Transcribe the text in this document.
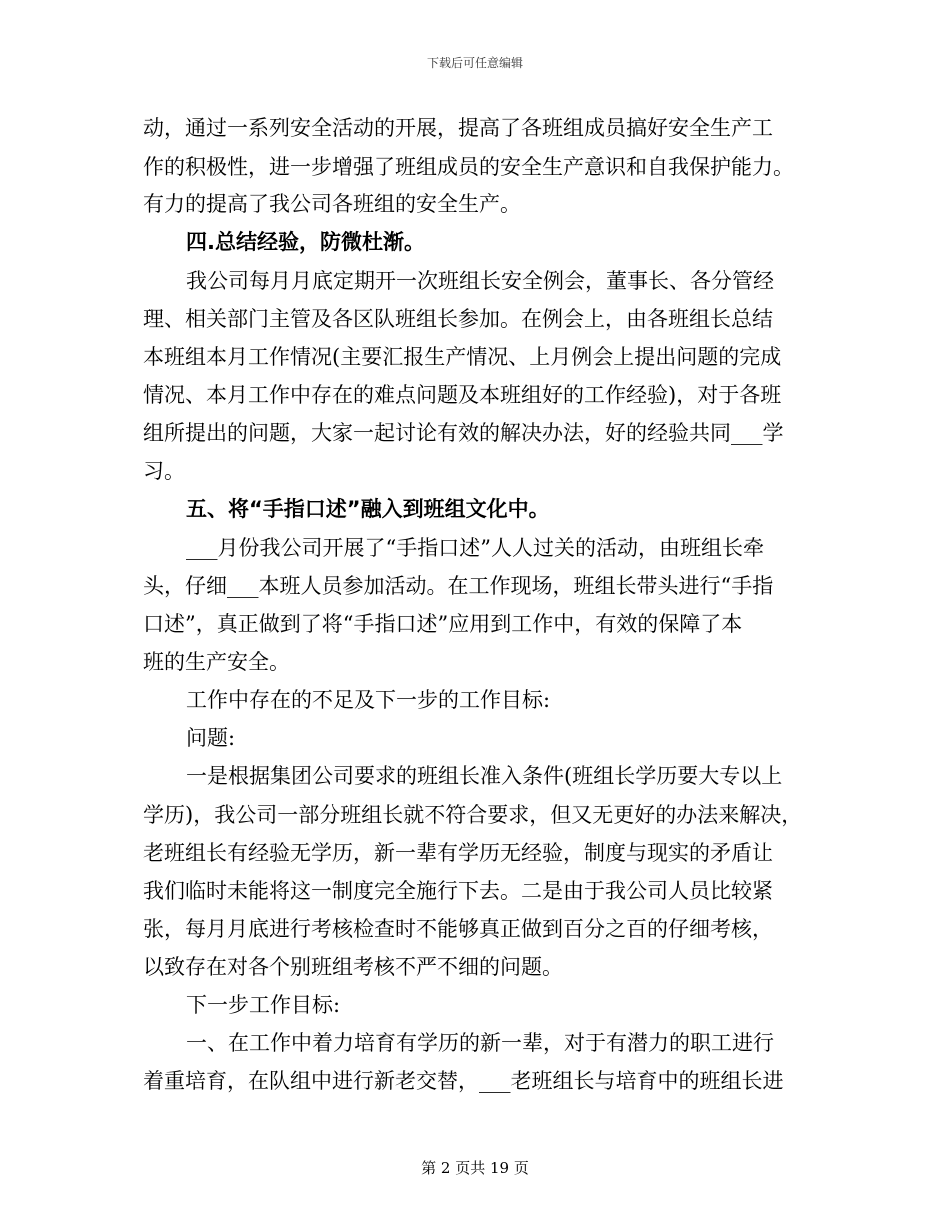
下载后可任意编辑
动，通过一系列安全活动的开展，提高了各班组成员搞好安全生产工
作的积极性，进一步增强了班组成员的安全生产意识和自我保护能力。
有力的提高了我公司各班组的安全生产。
四.总结经验，防微杜渐。
我公司每月月底定期开一次班组长安全例会，董事长、各分管经
理、相关部门主管及各区队班组长参加。在例会上，由各班组长总结
本班组本月工作情况(主要汇报生产情况、上月例会上提出问题的完成
情况、本月工作中存在的难点问题及本班组好的工作经验)，对于各班
组所提出的问题，大家一起讨论有效的解决办法，好的经验共同___学
习。
五、将“手指口述”融入到班组文化中。
___月份我公司开展了“手指口述”人人过关的活动，由班组长牵
头，仔细___本班人员参加活动。在工作现场，班组长带头进行“手指
口述”，真正做到了将“手指口述”应用到工作中，有效的保障了本
班的生产安全。
工作中存在的不足及下一步的工作目标:
问题:
一是根据集团公司要求的班组长准入条件(班组长学历要大专以上
学历)，我公司一部分班组长就不符合要求，但又无更好的办法来解决，
老班组长有经验无学历，新一辈有学历无经验，制度与现实的矛盾让
我们临时未能将这一制度完全施行下去。二是由于我公司人员比较紧
张，每月月底进行考核检查时不能够真正做到百分之百的仔细考核，
以致存在对各个别班组考核不严不细的问题。
下一步工作目标:
一、在工作中着力培育有学历的新一辈，对于有潜力的职工进行
着重培育，在队组中进行新老交替，___老班组长与培育中的班组长进
第 2 页共 19 页
